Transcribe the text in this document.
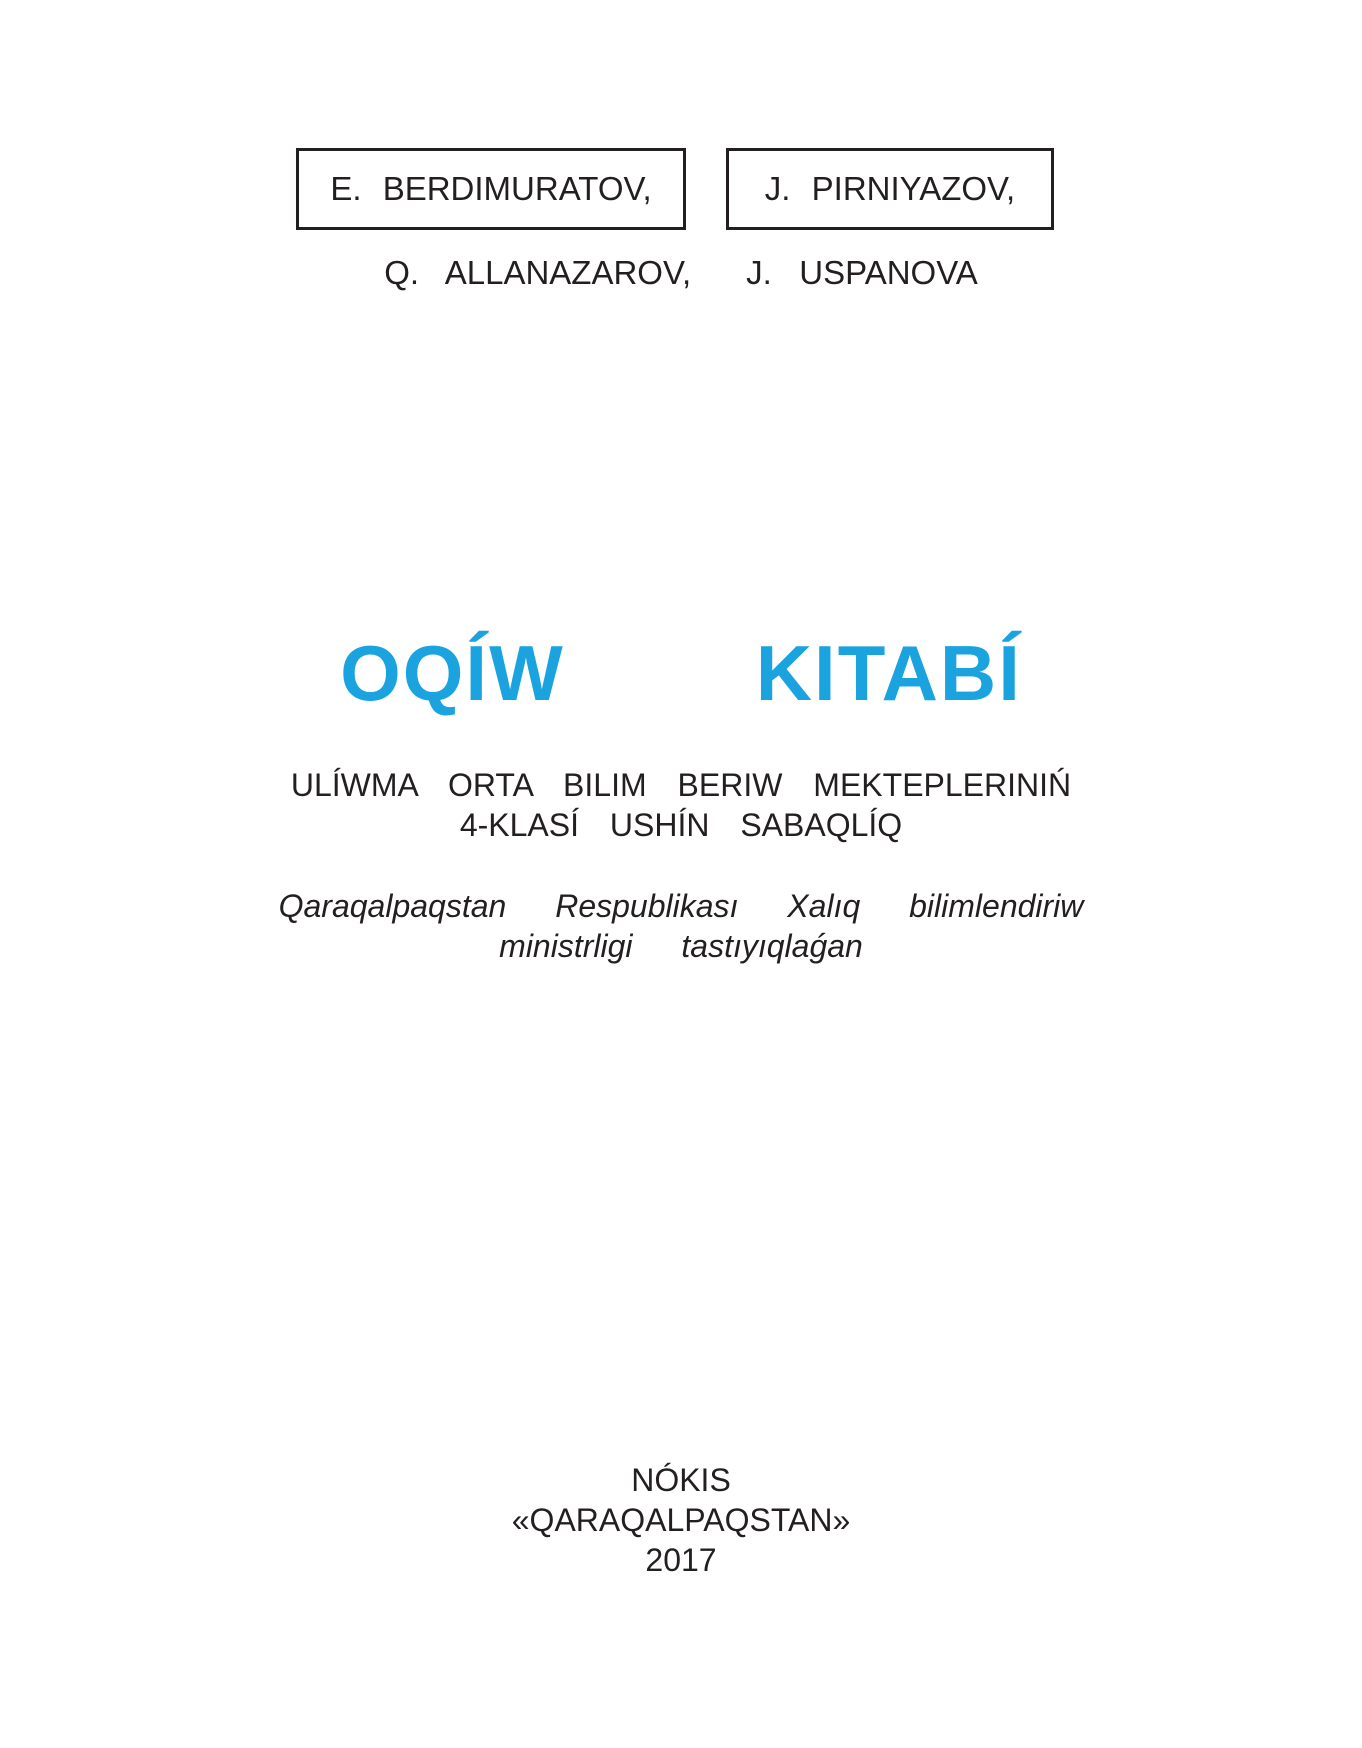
E. BERDIMURATOV,	J. PIRNIYAZOV,
Q.   ALLANAZAROV,      J.   USPANOVA
OQÍW   KITABÍ
ULÍWMA ORTA BILIM BERIW MEKTEPLERINIŃ
4-KLASÍ USHÍN SABAQLÍQ
Qaraqalpaqstan Respublikası Xalıq bilimlendiriw
ministrligi tastıyıqlaǵan
NÓKIS
«QARAQALPAQSTAN»
2017
